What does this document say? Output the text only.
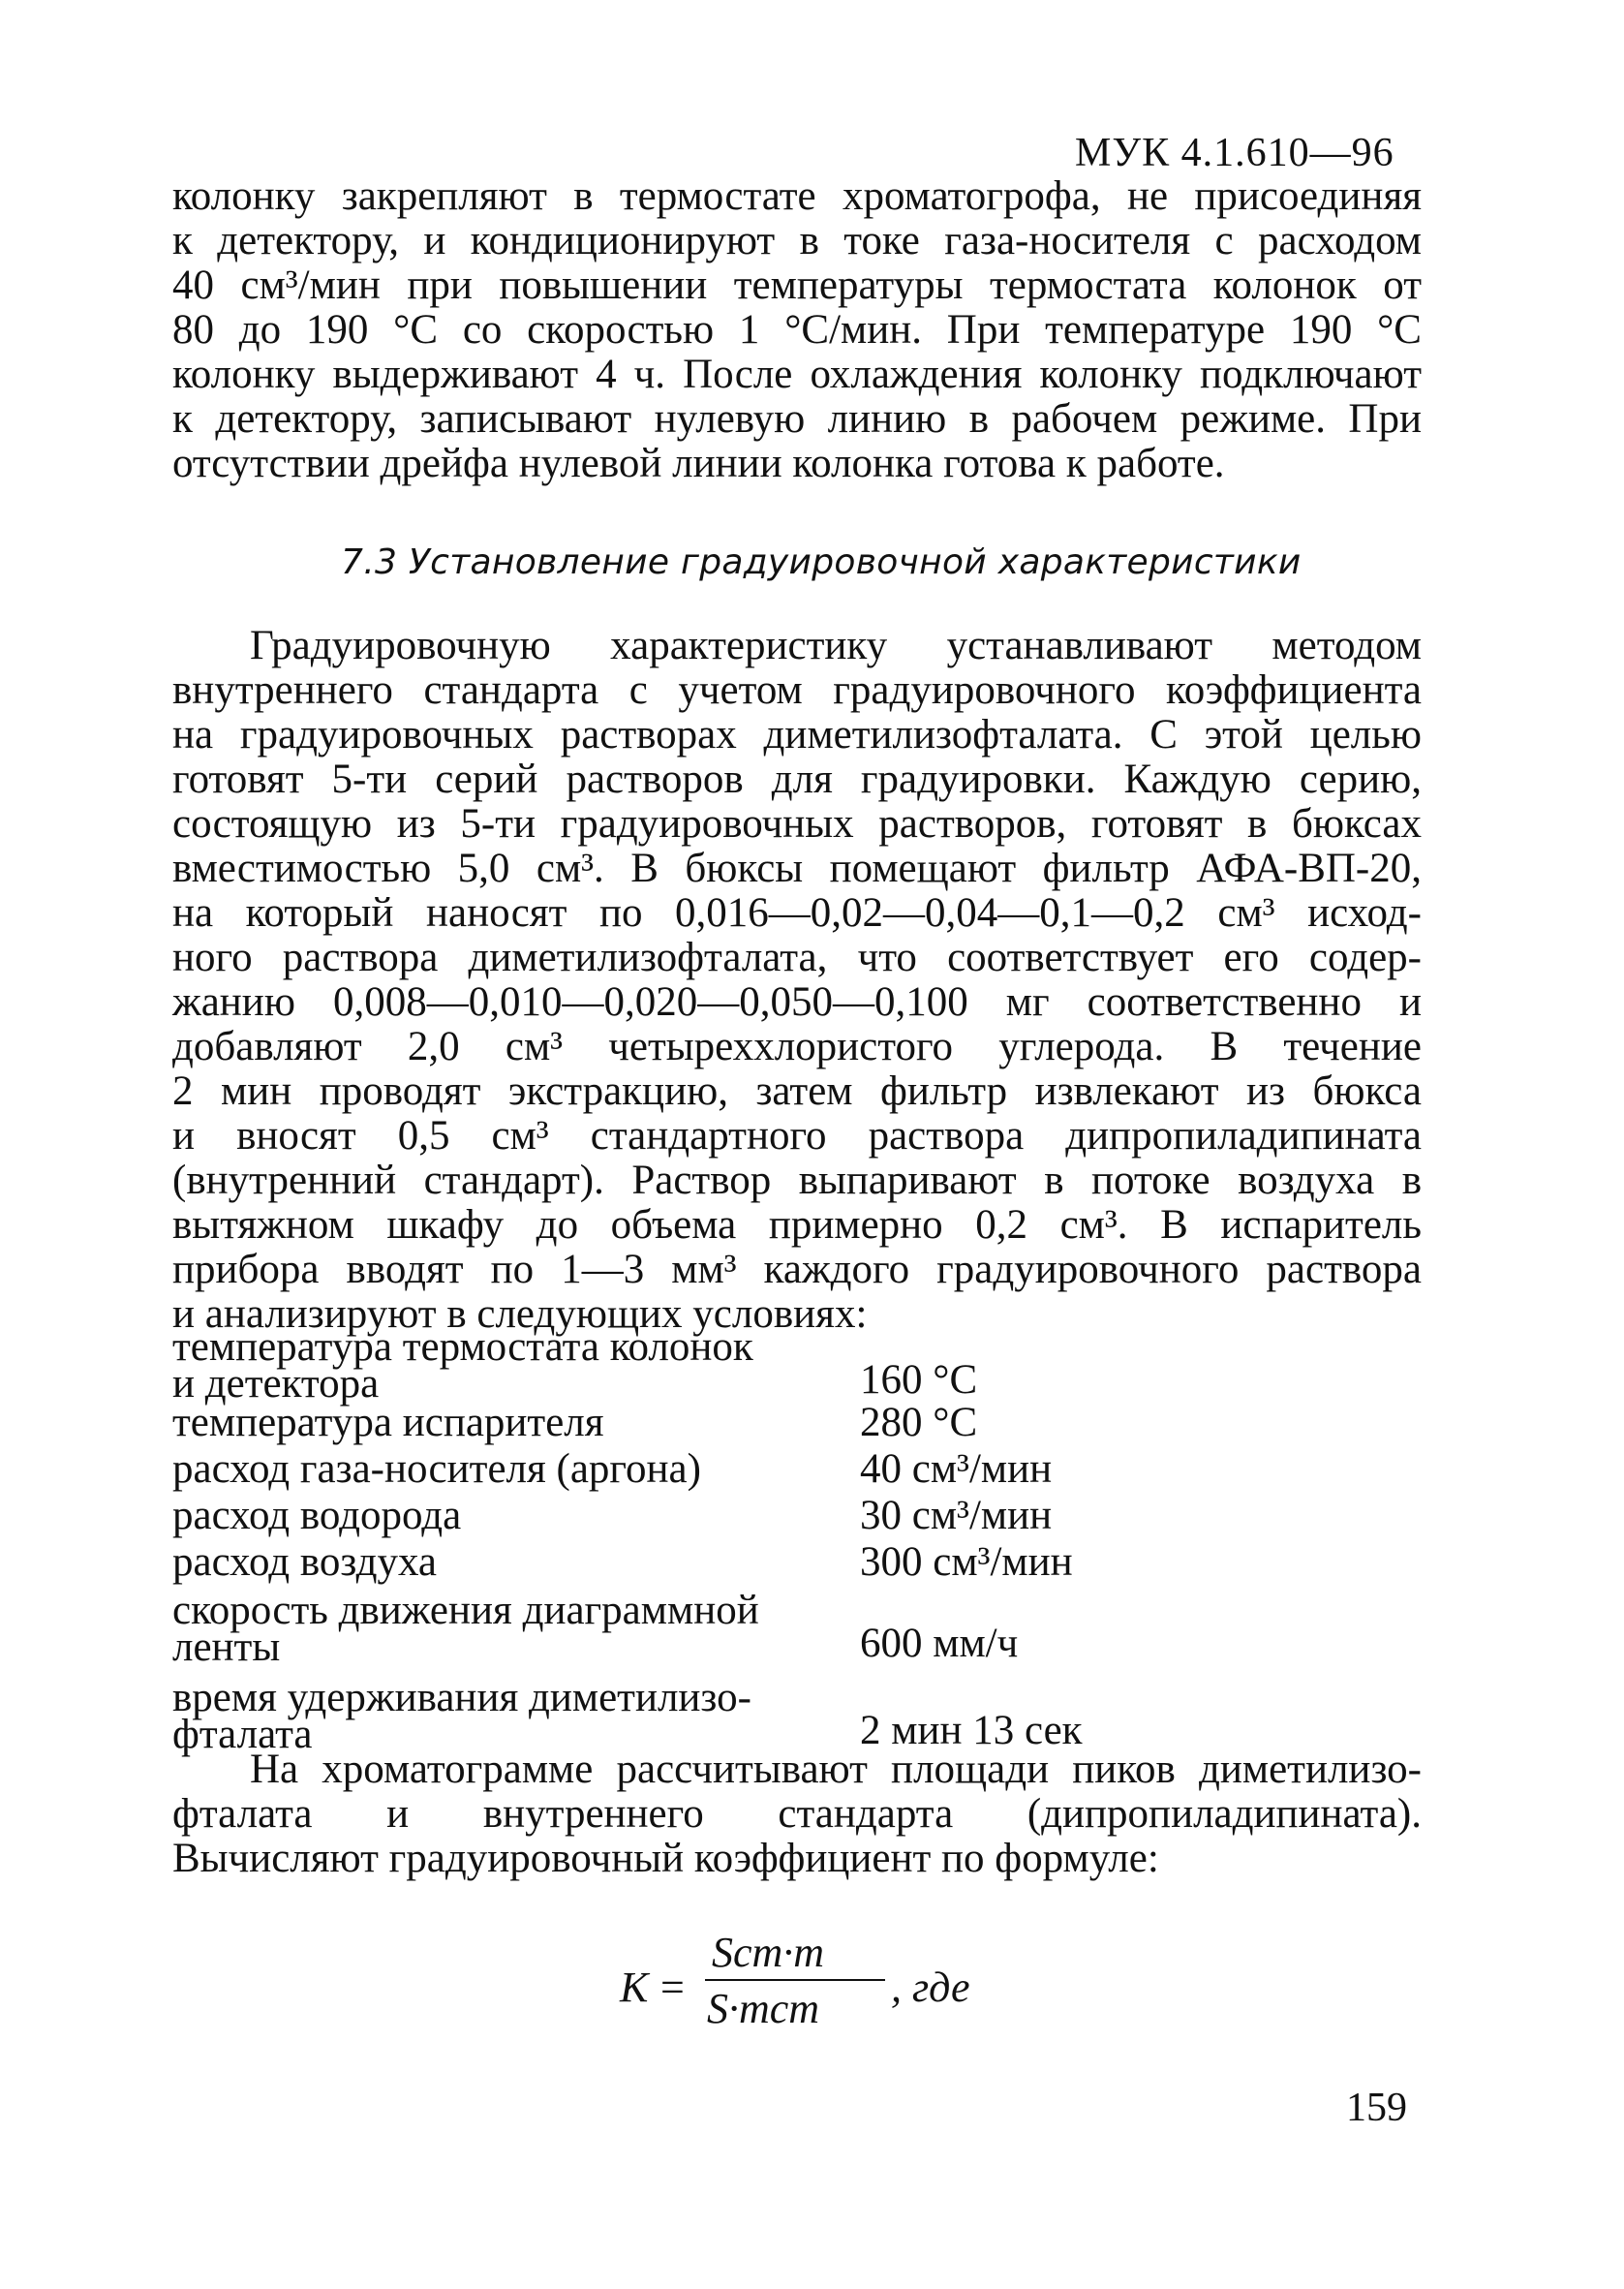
МУК 4.1.610—96
колонку закрепляют в термостате хроматогрофа, не присоединяя
к детектору, и кондиционируют в токе газа-носителя с расходом
40 см³/мин при повышении температуры термостата колонок от
80 до 190 °С со скоростью 1 °С/мин. При температуре 190 °С
колонку выдерживают 4 ч. После охлаждения колонку подключают
к детектору, записывают нулевую линию в рабочем режиме. При
отсутствии дрейфа нулевой линии колонка готова к работе.
7.3 Установление градуировочной характеристики
Градуировочную характеристику устанавливают методом
внутреннего стандарта с учетом градуировочного коэффициента
на градуировочных растворах диметилизофталата. С этой целью
готовят 5-ти серий растворов для градуировки. Каждую серию,
состоящую из 5-ти градуировочных растворов, готовят в бюксах
вместимостью 5,0 см³. В бюксы помещают фильтр АФА-ВП-20,
на который наносят по 0,016—0,02—0,04—0,1—0,2 см³ исход-
ного раствора диметилизофталата, что соответствует его содер-
жанию 0,008—0,010—0,020—0,050—0,100 мг соответственно и
добавляют 2,0 см³ четыреххлористого углерода. В течение
2 мин проводят экстракцию, затем фильтр извлекают из бюкса
и вносят 0,5 см³ стандартного раствора дипропиладипината
(внутренний стандарт). Раствор выпаривают в потоке воздуха в
вытяжном шкафу до объема примерно 0,2 см³. В испаритель
прибора вводят по 1—3 мм³ каждого градуировочного раствора
и анализируют в следующих условиях:
температура термостата колонок
и детектора	160 °С
температура испарителя	280 °С
расход газа-носителя (аргона)	40 см³/мин
расход водорода	30 см³/мин
расход воздуха	300 см³/мин
скорость движения диаграммной
ленты	600 мм/ч
время удерживания диметилизо-
фталата	2 мин 13 сек
На хроматограмме рассчитывают площади пиков диметилизо-
фталата и внутреннего стандарта (дипропиладипината).
Вычисляют градуировочный коэффициент по формуле:
K =
Scm·m
S·mcm , где
159
